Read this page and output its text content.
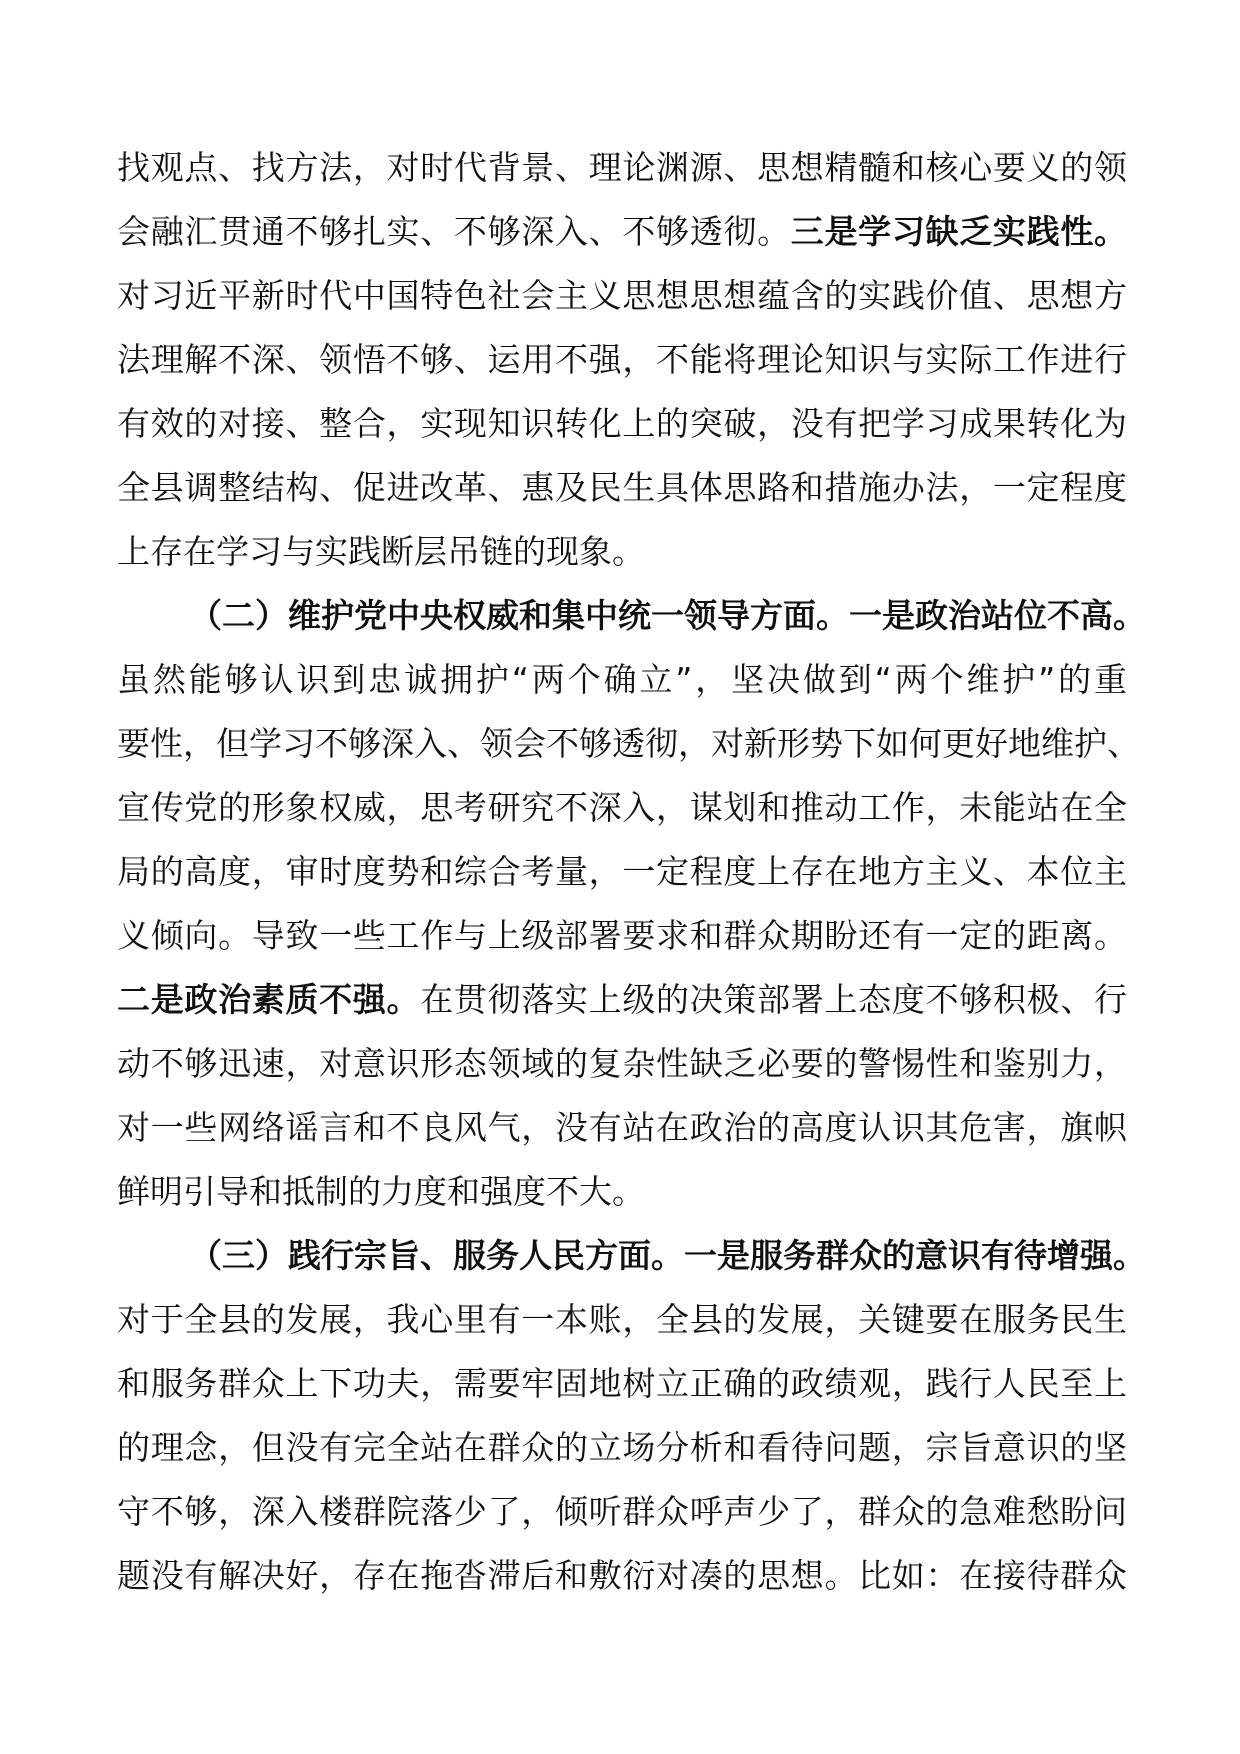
找观点、找方法，对时代背景、理论渊源、思想精髓和核心要义的领
会融汇贯通不够扎实、不够深入、不够透彻。三是学习缺乏实践性。
对习近平新时代中国特色社会主义思想思想蕴含的实践价值、思想方
法理解不深、领悟不够、运用不强，不能将理论知识与实际工作进行
有效的对接、整合，实现知识转化上的突破，没有把学习成果转化为
全县调整结构、促进改革、惠及民生具体思路和措施办法，一定程度
上存在学习与实践断层吊链的现象。
（二）维护党中央权威和集中统一领导方面。一是政治站位不高。
虽然能够认识到忠诚拥护“两个确立”，坚决做到“两个维护”的重
要性，但学习不够深入、领会不够透彻，对新形势下如何更好地维护、
宣传党的形象权威，思考研究不深入，谋划和推动工作，未能站在全
局的高度，审时度势和综合考量，一定程度上存在地方主义、本位主
义倾向。导致一些工作与上级部署要求和群众期盼还有一定的距离。
二是政治素质不强。在贯彻落实上级的决策部署上态度不够积极、行
动不够迅速，对意识形态领域的复杂性缺乏必要的警惕性和鉴别力，
对一些网络谣言和不良风气，没有站在政治的高度认识其危害，旗帜
鲜明引导和抵制的力度和强度不大。
（三）践行宗旨、服务人民方面。一是服务群众的意识有待增强。
对于全县的发展，我心里有一本账，全县的发展，关键要在服务民生
和服务群众上下功夫，需要牢固地树立正确的政绩观，践行人民至上
的理念，但没有完全站在群众的立场分析和看待问题，宗旨意识的坚
守不够，深入楼群院落少了，倾听群众呼声少了，群众的急难愁盼问
题没有解决好，存在拖沓滞后和敷衍对凑的思想。比如：在接待群众
